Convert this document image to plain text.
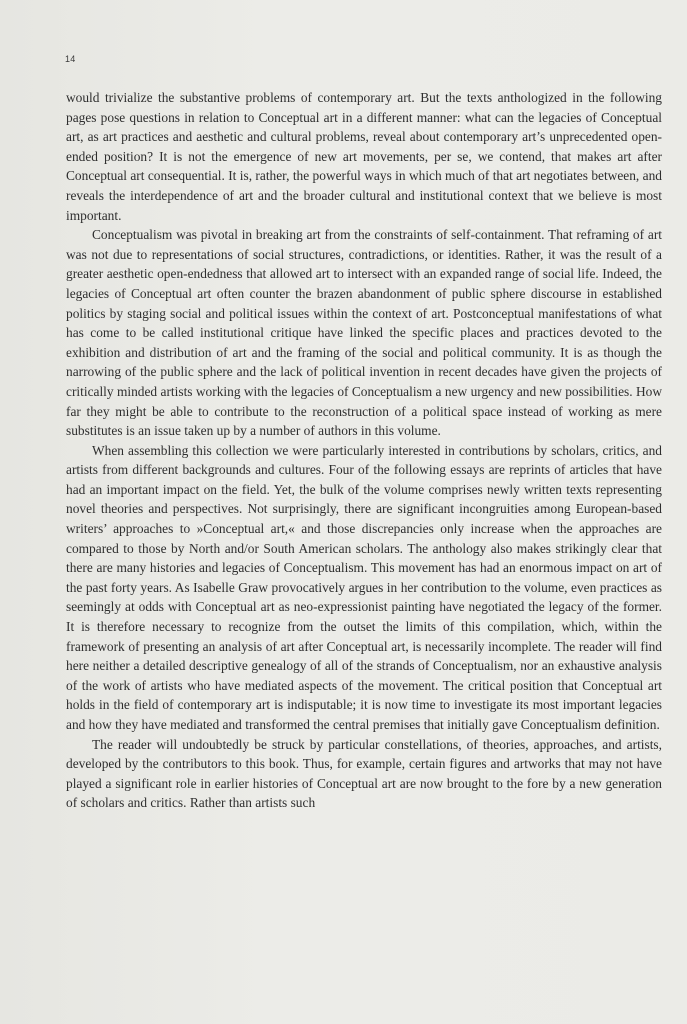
14

would trivialize the substantive problems of contemporary art. But the texts anthologized in the following pages pose questions in relation to Conceptual art in a different manner: what can the legacies of Conceptual art, as art practices and aesthetic and cultural problems, reveal about contemporary art’s unprecedented open-ended position? It is not the emergence of new art movements, per se, we contend, that makes art after Conceptual art consequential. It is, rather, the powerful ways in which much of that art negotiates between, and reveals the interdependence of art and the broader cultural and institutional context that we believe is most important.

Conceptualism was pivotal in breaking art from the constraints of self-containment. That reframing of art was not due to representations of social structures, contradictions, or identities. Rather, it was the result of a greater aesthetic open-endedness that allowed art to intersect with an expanded range of social life. Indeed, the legacies of Conceptual art often counter the brazen abandonment of public sphere discourse in established politics by staging social and political issues within the context of art. Postconceptual manifestations of what has come to be called institutional critique have linked the specific places and practices devoted to the exhibition and distribution of art and the framing of the social and political community. It is as though the narrowing of the public sphere and the lack of political invention in recent decades have given the projects of critically minded artists working with the legacies of Conceptualism a new urgency and new possibilities. How far they might be able to contribute to the reconstruction of a political space instead of working as mere substitutes is an issue taken up by a number of authors in this volume.

When assembling this collection we were particularly interested in contributions by scholars, critics, and artists from different backgrounds and cultures. Four of the following essays are reprints of articles that have had an important impact on the field. Yet, the bulk of the volume comprises newly written texts representing novel theories and perspectives. Not surprisingly, there are significant incongruities among European-based writers’ approaches to »Conceptual art,« and those discrepancies only increase when the approaches are compared to those by North and/or South American scholars. The anthology also makes strikingly clear that there are many histories and legacies of Conceptualism. This movement has had an enormous impact on art of the past forty years. As Isabelle Graw provocatively argues in her contribution to the volume, even practices as seemingly at odds with Conceptual art as neo-expressionist painting have negotiated the legacy of the former. It is therefore necessary to recognize from the outset the limits of this compilation, which, within the framework of presenting an analysis of art after Conceptual art, is necessarily incomplete. The reader will find here neither a detailed descriptive genealogy of all of the strands of Conceptualism, nor an exhaustive analysis of the work of artists who have mediated aspects of the movement. The critical position that Conceptual art holds in the field of contemporary art is indisputable; it is now time to investigate its most important legacies and how they have mediated and transformed the central premises that initially gave Conceptualism definition.

The reader will undoubtedly be struck by particular constellations, of theories, approaches, and artists, developed by the contributors to this book. Thus, for example, certain figures and artworks that may not have played a significant role in earlier histories of Conceptual art are now brought to the fore by a new generation of scholars and critics. Rather than artists such
